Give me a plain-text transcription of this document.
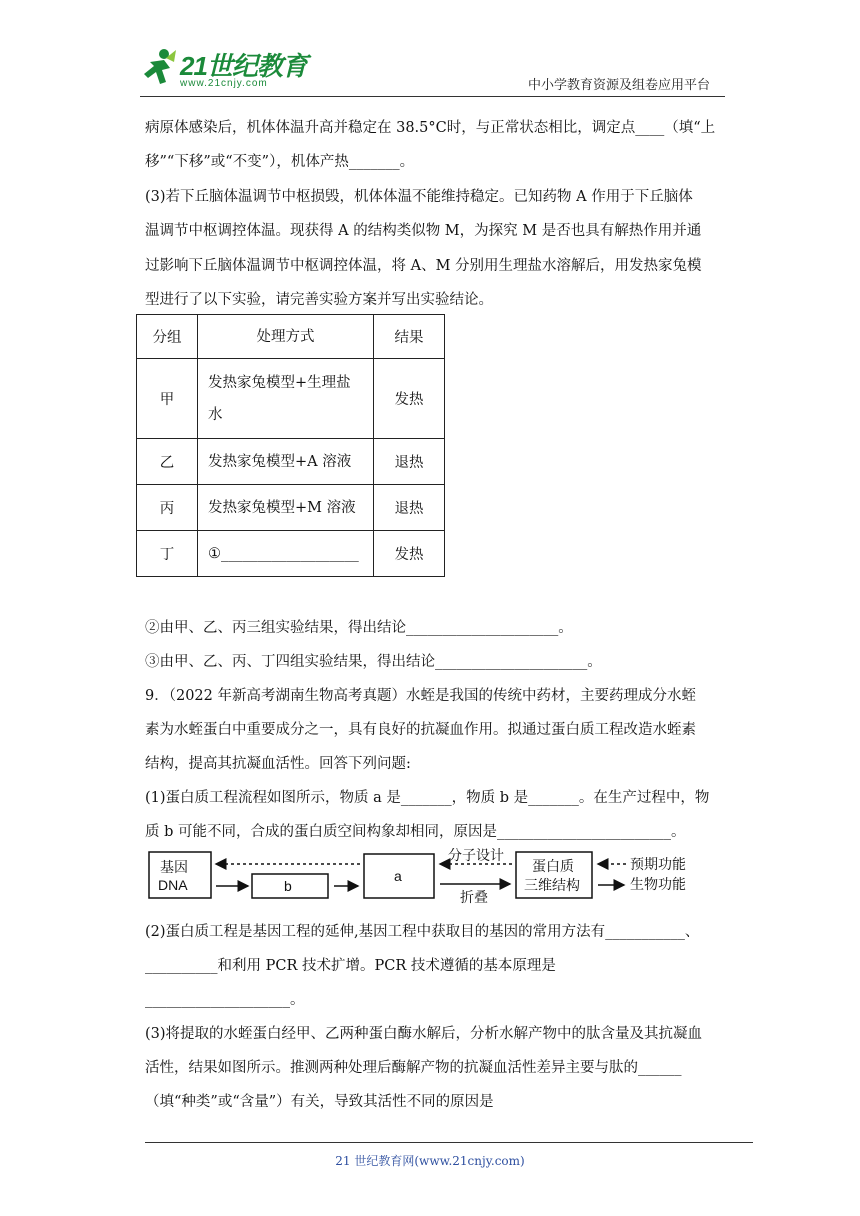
21世纪教育
www.21cnjy.com	中小学教育资源及组卷应用平台
病原体感染后，机体体温升高并稳定在 38.5°C时，与正常状态相比，调定点____（填“上
移”“下移”或“不变”），机体产热_______。
(3)若下丘脑体温调节中枢损毁，机体体温不能维持稳定。已知药物 A 作用于下丘脑体
温调节中枢调控体温。现获得 A 的结构类似物 M，为探究 M 是否也具有解热作用并通
过影响下丘脑体温调节中枢调控体温，将 A、M 分别用生理盐水溶解后，用发热家兔模
型进行了以下实验，请完善实验方案并写出实验结论。
分组	处理方式	结果
甲	发热家兔模型+生理盐水	发热
乙	发热家兔模型+A 溶液	退热
丙	发热家兔模型+M 溶液	退热
丁	①___________________	发热
②由甲、乙、丙三组实验结果，得出结论_____________________。
③由甲、乙、丙、丁四组实验结果，得出结论_____________________。
9．（2022 年新高考湖南生物高考真题）水蛭是我国的传统中药材，主要药理成分水蛭
素为水蛭蛋白中重要成分之一，具有良好的抗凝血作用。拟通过蛋白质工程改造水蛭素
结构，提高其抗凝血活性。回答下列问题:
(1)蛋白质工程流程如图所示，物质 a 是_______，物质 b 是_______。在生产过程中，物
质 b 可能不同，合成的蛋白质空间构象却相同，原因是________________________。
基因
DNA	b
a
分子设计
折叠
蛋白质
三维结构
预期功能
生物功能
(2)蛋白质工程是基因工程的延伸,基因工程中获取目的基因的常用方法有___________、
__________和利用 PCR 技术扩增。PCR 技术遵循的基本原理是
____________________。
(3)将提取的水蛭蛋白经甲、乙两种蛋白酶水解后，分析水解产物中的肽含量及其抗凝血
活性，结果如图所示。推测两种处理后酶解产物的抗凝血活性差异主要与肽的______
（填“种类”或“含量”）有关，导致其活性不同的原因是
21 世纪教育网(www.21cnjy.com)
